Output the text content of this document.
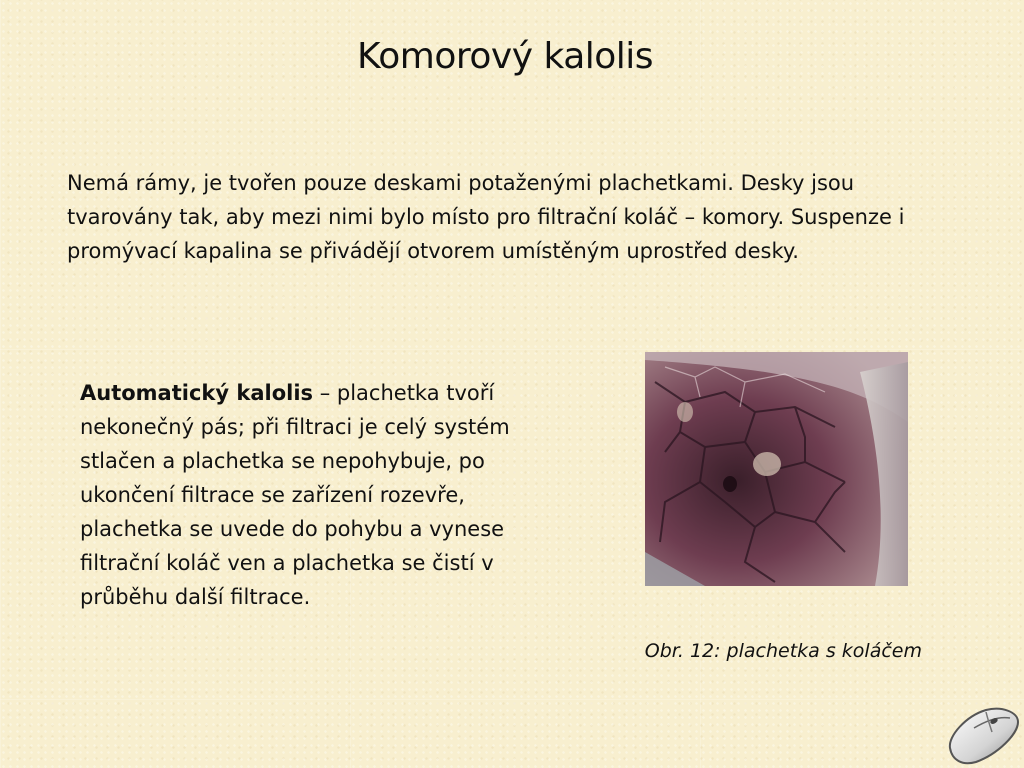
Komorový kalolis

Nemá rámy, je tvořen pouze deskami potaženými plachetkami. Desky jsou tvarovány tak, aby mezi nimi bylo místo pro filtrační koláč – komory. Suspenze i promývací kapalina se přivádějí otvorem umístěným uprostřed desky.

Automatický kalolis – plachetka tvoří nekonečný pás; při filtraci je celý systém stlačen a plachetka se nepohybuje, po ukončení filtrace se zařízení rozevře, plachetka se uvede do pohybu a vynese filtrační koláč ven a plachetka se čistí v průběhu další filtrace.

Obr. 12: plachetka s koláčem
